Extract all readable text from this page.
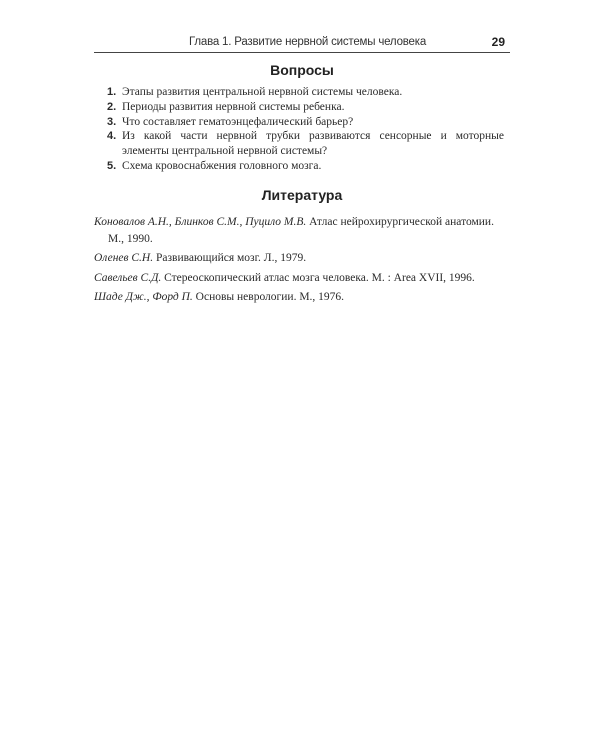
Глава 1. Развитие нервной системы человека	29
Вопросы
1. Этапы развития центральной нервной системы человека.
2. Периоды развития нервной системы ребенка.
3. Что составляет гематоэнцефалический барьер?
4. Из какой части нервной трубки развиваются сенсорные и моторные элементы центральной нервной системы?
5. Схема кровоснабжения головного мозга.
Литература
Коновалов А.Н., Блинков С.М., Пуцило М.В. Атлас нейрохирургической анатомии. М., 1990.
Оленев С.Н. Развивающийся мозг. Л., 1979.
Савельев С.Д. Стереоскопический атлас мозга человека. М. : Area XVII, 1996.
Шаде Дж., Форд П. Основы неврологии. М., 1976.
